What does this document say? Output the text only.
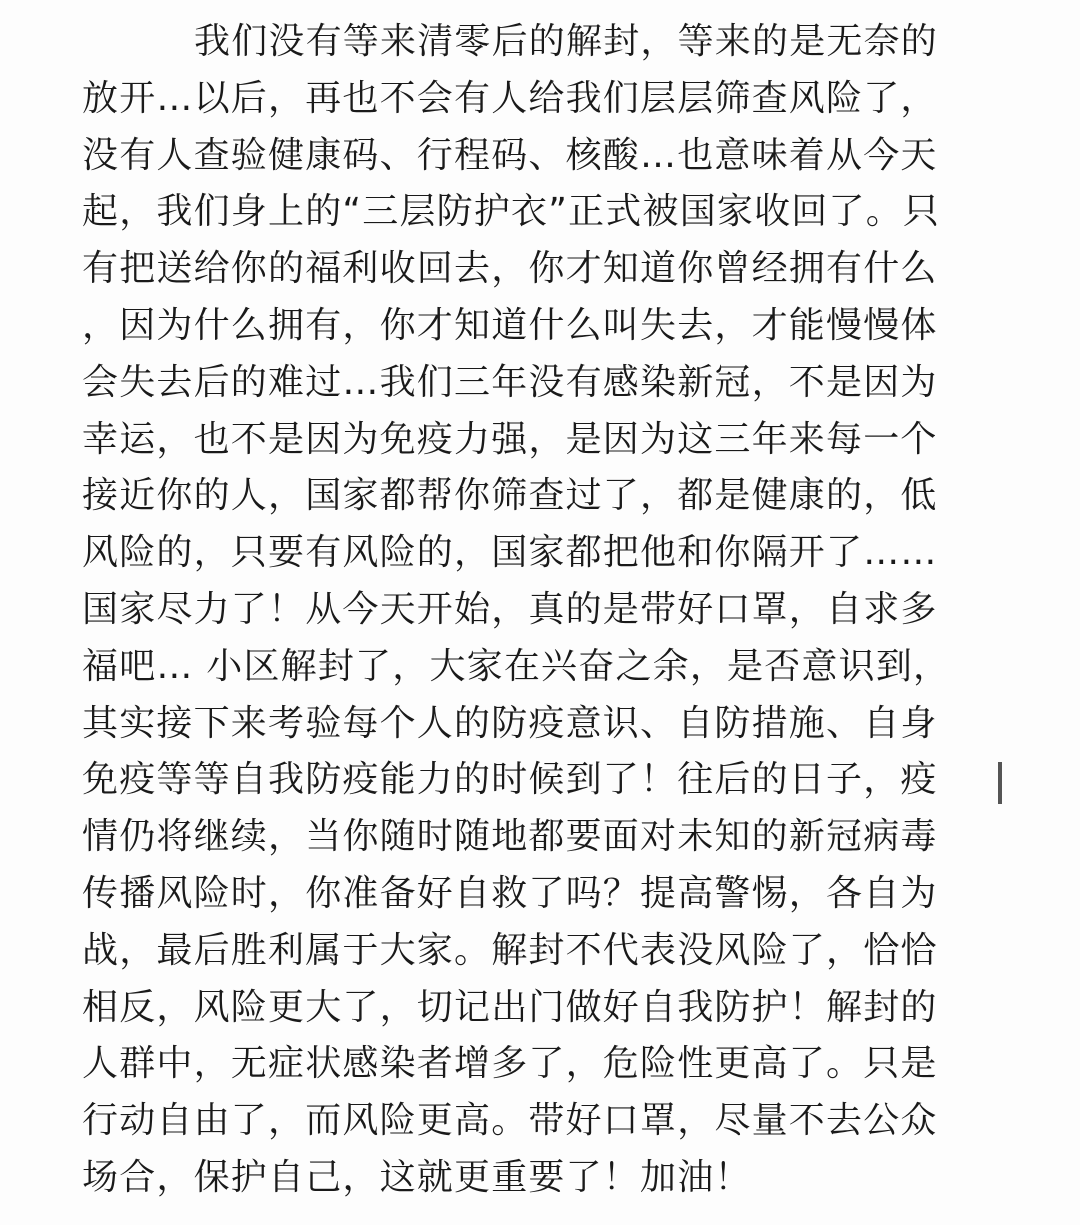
我们没有等来清零后的解封，等来的是无奈的
放开…以后，再也不会有人给我们层层筛查风险了，
没有人查验健康码、行程码、核酸…也意味着从今天
起，我们身上的“三层防护衣”正式被国家收回了。只
有把送给你的福利收回去，你才知道你曾经拥有什么
，因为什么拥有，你才知道什么叫失去，才能慢慢体
会失去后的难过…我们三年没有感染新冠，不是因为
幸运，也不是因为免疫力强，是因为这三年来每一个
接近你的人，国家都帮你筛查过了，都是健康的，低
风险的，只要有风险的，国家都把他和你隔开了……
国家尽力了！从今天开始，真的是带好口罩，自求多
福吧… 小区解封了，大家在兴奋之余，是否意识到，
其实接下来考验每个人的防疫意识、自防措施、自身
免疫等等自我防疫能力的时候到了！往后的日子，疫
情仍将继续，当你随时随地都要面对未知的新冠病毒
传播风险时，你准备好自救了吗？提高警惕，各自为
战，最后胜利属于大家。解封不代表没风险了，恰恰
相反，风险更大了，切记出门做好自我防护！解封的
人群中，无症状感染者增多了，危险性更高了。只是
行动自由了，而风险更高。带好口罩，尽量不去公众
场合，保护自己，这就更重要了！加油！
